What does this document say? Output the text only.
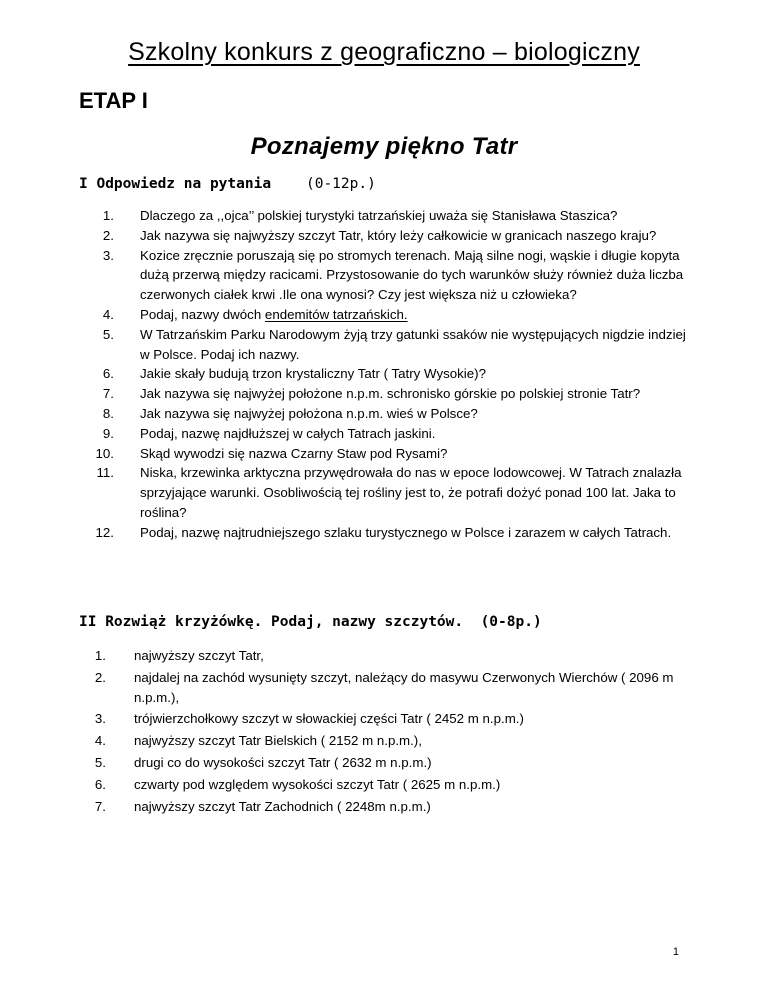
Szkolny konkurs z geograficzno – biologiczny
ETAP I
Poznajemy piękno Tatr
I Odpowiedz na pytania (0-12p.)
1. Dlaczego za ,,ojca’’ polskiej turystyki tatrzańskiej uważa się Stanisława Staszica?
2. Jak nazywa się najwyższy szczyt Tatr, który leży całkowicie w granicach naszego kraju?
3. Kozice zręcznie poruszają się po stromych terenach. Mają silne nogi, wąskie i długie kopyta dużą przerwą między racicami. Przystosowanie do tych warunków służy również duża liczba czerwonych ciałek krwi .Ile ona wynosi? Czy jest większa niż u człowieka?
4. Podaj, nazwy dwóch endemitów tatrzańskich.
5. W Tatrzańskim Parku Narodowym żyją trzy gatunki ssaków nie występujących nigdzie indziej w Polsce. Podaj ich nazwy.
6. Jakie skały budują trzon krystaliczny Tatr ( Tatry Wysokie)?
7. Jak nazywa się najwyżej położone n.p.m. schronisko górskie po polskiej stronie Tatr?
8. Jak nazywa się najwyżej położona n.p.m. wieś w Polsce?
9. Podaj, nazwę najdłuższej w całych Tatrach jaskini.
10. Skąd wywodzi się nazwa Czarny Staw pod Rysami?
11. Niska, krzewinka arktyczna przywędrowała do nas w epoce lodowcowej. W Tatrach znalazła sprzyjające warunki. Osobliwością tej rośliny jest to, że potrafi dożyć ponad 100 lat. Jaka to roślina?
12. Podaj, nazwę najtrudniejszego szlaku turystycznego w Polsce i zarazem w całych Tatrach.
II Rozwiąż krzyżówkę. Podaj, nazwy szczytów. (0-8p.)
1. najwyższy szczyt Tatr,
2. najdalej na zachód wysunięty szczyt, należący do masywu Czerwonych Wierchów ( 2096 m n.p.m.),
3. trójwierzchołkowy szczyt w słowackiej części Tatr ( 2452 m n.p.m.)
4. najwyższy szczyt Tatr Bielskich ( 2152 m n.p.m.),
5. drugi co do wysokości szczyt Tatr ( 2632 m n.p.m.)
6. czwarty pod względem wysokości szczyt Tatr ( 2625 m n.p.m.)
7. najwyższy szczyt Tatr Zachodnich ( 2248m n.p.m.)
1
